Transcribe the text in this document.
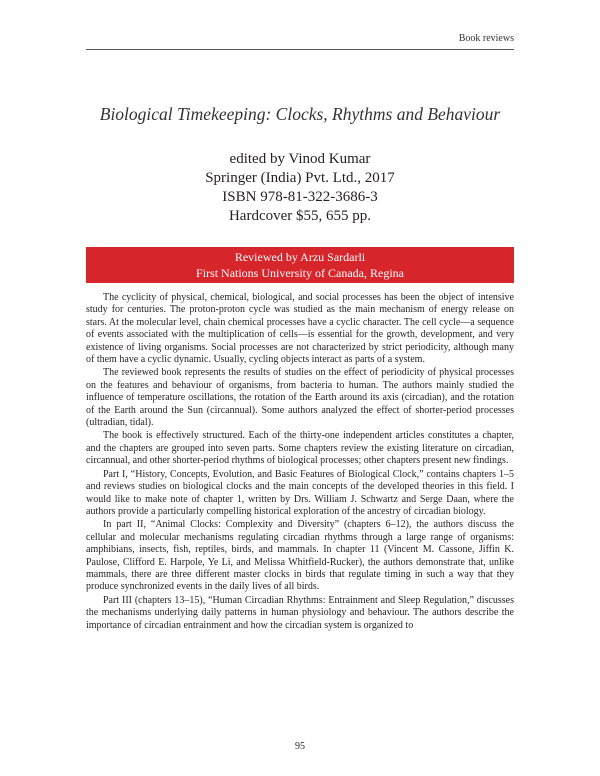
Book reviews
Biological Timekeeping: Clocks, Rhythms and Behaviour
edited by Vinod Kumar
Springer (India) Pvt. Ltd., 2017
ISBN 978-81-322-3686-3
Hardcover $55, 655 pp.
Reviewed by Arzu Sardarli
First Nations University of Canada, Regina

The cyclicity of physical, chemical, biological, and social processes has been the object of intensive study for centuries. The proton-proton cycle was studied as the main mechanism of energy release on stars. At the molecular level, chain chemical processes have a cyclic character. The cell cycle—a sequence of events associated with the multiplication of cells—is essential for the growth, development, and very existence of living organisms. Social processes are not characterized by strict periodicity, although many of them have a cyclic dynamic. Usually, cycling objects interact as parts of a system.

The reviewed book represents the results of studies on the effect of periodicity of physical processes on the features and behaviour of organisms, from bacteria to human. The authors mainly studied the influence of temperature oscillations, the rotation of the Earth around its axis (circadian), and the rotation of the Earth around the Sun (circannual). Some authors analyzed the effect of shorter-period processes (ultradian, tidal).

The book is effectively structured. Each of the thirty-one independent articles constitutes a chapter, and the chapters are grouped into seven parts. Some chapters review the existing literature on circadian, circannual, and other shorter-period rhythms of biological processes; other chapters present new findings.

Part I, “History, Concepts, Evolution, and Basic Features of Biological Clock,” contains chapters 1–5 and reviews studies on biological clocks and the main concepts of the developed theories in this field. I would like to make note of chapter 1, written by Drs. William J. Schwartz and Serge Daan, where the authors provide a particularly compelling historical exploration of the ancestry of circadian biology.

In part II, “Animal Clocks: Complexity and Diversity” (chapters 6–12), the authors discuss the cellular and molecular mechanisms regulating circadian rhythms through a large range of organisms: amphibians, insects, fish, reptiles, birds, and mammals. In chapter 11 (Vincent M. Cassone, Jiffin K. Paulose, Clifford E. Harpole, Ye Li, and Melissa Whitfield-Rucker), the authors demonstrate that, unlike mammals, there are three different master clocks in birds that regulate timing in such a way that they produce synchronized events in the daily lives of all birds.

Part III (chapters 13–15), “Human Circadian Rhythms: Entrainment and Sleep Regulation,” discusses the mechanisms underlying daily patterns in human physiology and behaviour. The authors describe the importance of circadian entrainment and how the circadian system is organized to

95
